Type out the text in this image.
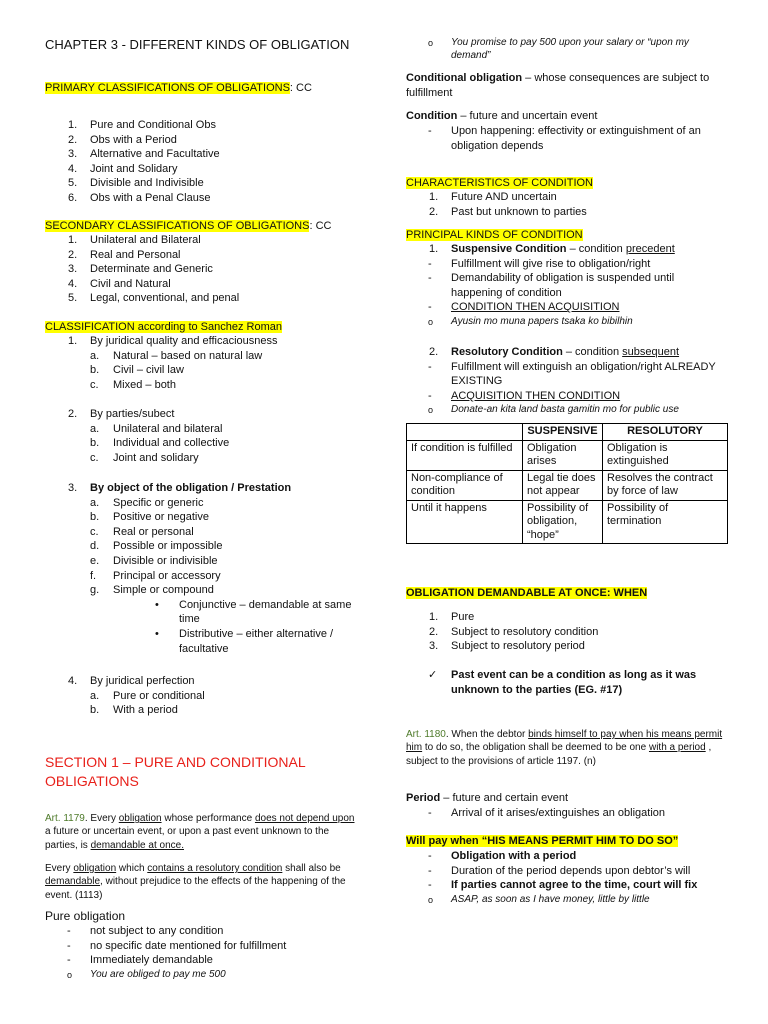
CHAPTER 3 - DIFFERENT KINDS OF OBLIGATION
PRIMARY CLASSIFICATIONS OF OBLIGATIONS: CC
1.	Pure and Conditional Obs
2.	Obs with a Period
3.	Alternative and Facultative
4.	Joint and Solidary
5.	Divisible and Indivisible
6.	Obs with a Penal Clause
SECONDARY CLASSIFICATIONS OF OBLIGATIONS: CC
1.	Unilateral and Bilateral
2.	Real and Personal
3.	Determinate and Generic
4.	Civil and Natural
5.	Legal, conventional, and penal
CLASSIFICATION according to Sanchez Roman
1.	By juridical quality and efficaciousness
a.	Natural – based on natural law
b.	Civil – civil law
c.	Mixed – both
2.	By parties/subect
a.	Unilateral and bilateral
b.	Individual and collective
c.	Joint and solidary
3.	By object of the obligation / Prestation
a.	Specific or generic
b.	Positive or negative
c.	Real or personal
d.	Possible or impossible
e.	Divisible or indivisible
f.	Principal or accessory
g.	Simple or compound
•	Conjunctive – demandable at same time
•	Distributive – either alternative / facultative
4.	By juridical perfection
a.	Pure or conditional
b.	With a period
SECTION 1 – PURE AND CONDITIONAL OBLIGATIONS
Art. 1179. Every obligation whose performance does not depend upon a future or uncertain event, or upon a past event unknown to the parties, is demandable at once.
Every obligation which contains a resolutory condition shall also be demandable, without prejudice to the effects of the happening of the event. (1113)
Pure obligation
-	not subject to any condition
-	no specific date mentioned for fulfillment
-	Immediately demandable
o	You are obliged to pay me 500
o	You promise to pay 500 upon your salary or “upon my demand”
Conditional obligation – whose consequences are subject to fulfillment
Condition – future and uncertain event
-	Upon happening: effectivity or extinguishment of an obligation depends
CHARACTERISTICS OF CONDITION
1.	Future AND uncertain
2.	Past but unknown to parties
PRINCIPAL KINDS OF CONDITION
1.	Suspensive Condition – condition precedent
-	Fulfillment will give rise to obligation/right
-	Demandability of obligation is suspended until happening of condition
-	CONDITION THEN ACQUISITION
o	Ayusin mo muna papers tsaka ko bibilhin
2.	Resolutory Condition – condition subsequent
-	Fulfillment will extinguish an obligation/right ALREADY EXISTING
-	ACQUISITION THEN CONDITION
o	Donate-an kita land basta gamitin mo for public use
	SUSPENSIVE	RESOLUTORY
If condition is fulfilled	Obligation arises	Obligation is extinguished
Non-compliance of condition	Legal tie does not appear	Resolves the contract by force of law
Until it happens	Possibility of obligation, “hope”	Possibility of termination
OBLIGATION DEMANDABLE AT ONCE: WHEN
1.	Pure
2.	Subject to resolutory condition
3.	Subject to resolutory period
✓	Past event can be a condition as long as it was unknown to the parties (EG. #17)
Art. 1180. When the debtor binds himself to pay when his means permit him to do so, the obligation shall be deemed to be one with a period , subject to the provisions of article 1197. (n)
Period – future and certain event
-	Arrival of it arises/extinguishes an obligation
Will pay when “HIS MEANS PERMIT HIM TO DO SO”
-	Obligation with a period
-	Duration of the period depends upon debtor’s will
-	If parties cannot agree to the time, court will fix
o	ASAP, as soon as I have money, little by little
